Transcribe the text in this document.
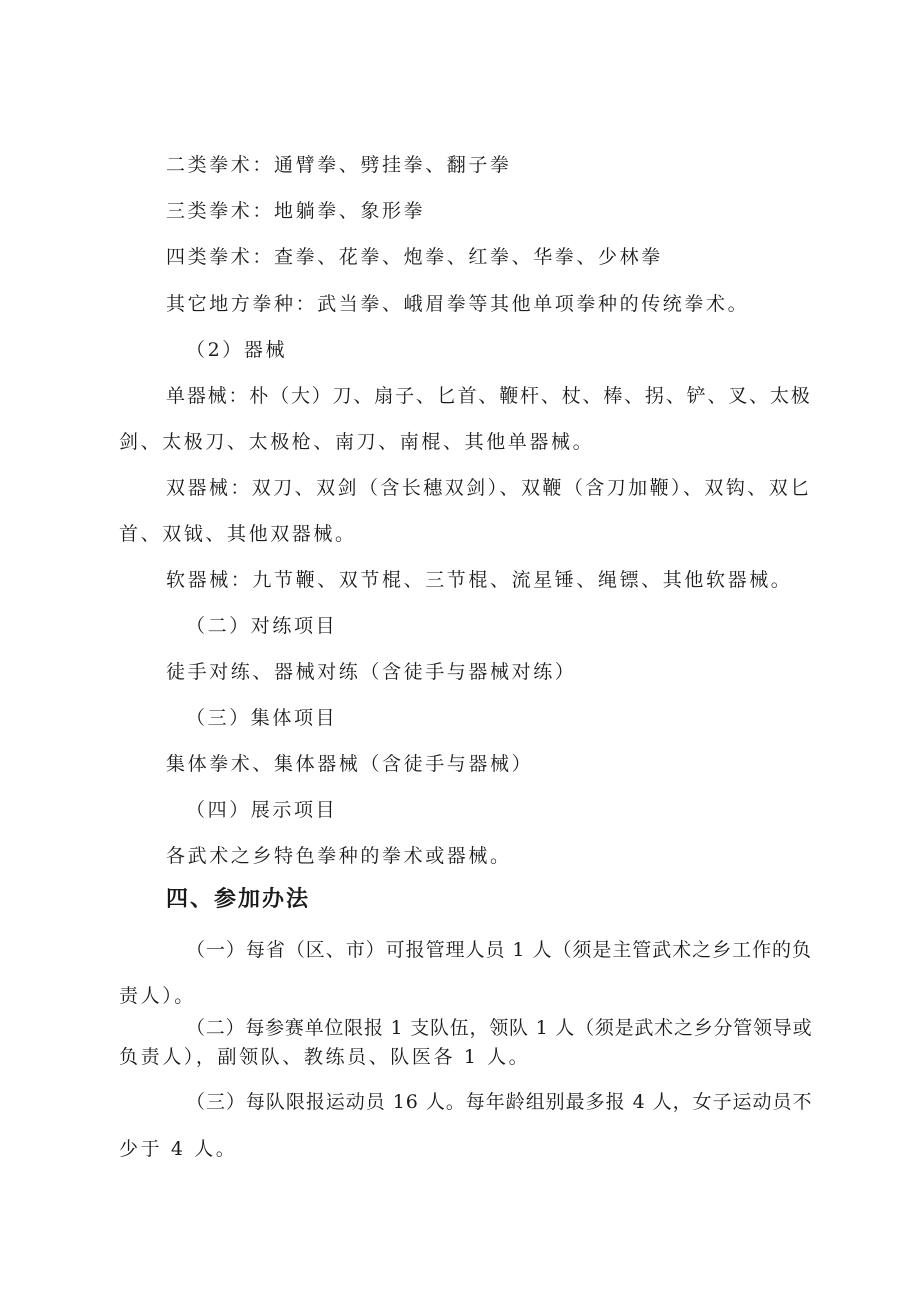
二类拳术：通臂拳、劈挂拳、翻子拳
三类拳术：地躺拳、象形拳
四类拳术：查拳、花拳、炮拳、红拳、华拳、少林拳
其它地方拳种：武当拳、峨眉拳等其他单项拳种的传统拳术。
（2）器械
单器械：朴（大）刀、扇子、匕首、鞭杆、杖、棒、拐、铲、叉、太极
剑、太极刀、太极枪、南刀、南棍、其他单器械。
双器械：双刀、双剑（含长穗双剑）、双鞭（含刀加鞭）、双钩、双匕
首、双钺、其他双器械。
软器械：九节鞭、双节棍、三节棍、流星锤、绳镖、其他软器械。
（二）对练项目
徒手对练、器械对练（含徒手与器械对练）
（三）集体项目
集体拳术、集体器械（含徒手与器械）
（四）展示项目
各武术之乡特色拳种的拳术或器械。
四、参加办法
（一）每省（区、市）可报管理人员 1 人（须是主管武术之乡工作的负
责人）。
（二）每参赛单位限报 1 支队伍，领队 1 人（须是武术之乡分管领导或
负责人），副领队、教练员、队医各 1 人。
（三）每队限报运动员 16 人。每年龄组别最多报 4 人，女子运动员不
少于 4 人。
